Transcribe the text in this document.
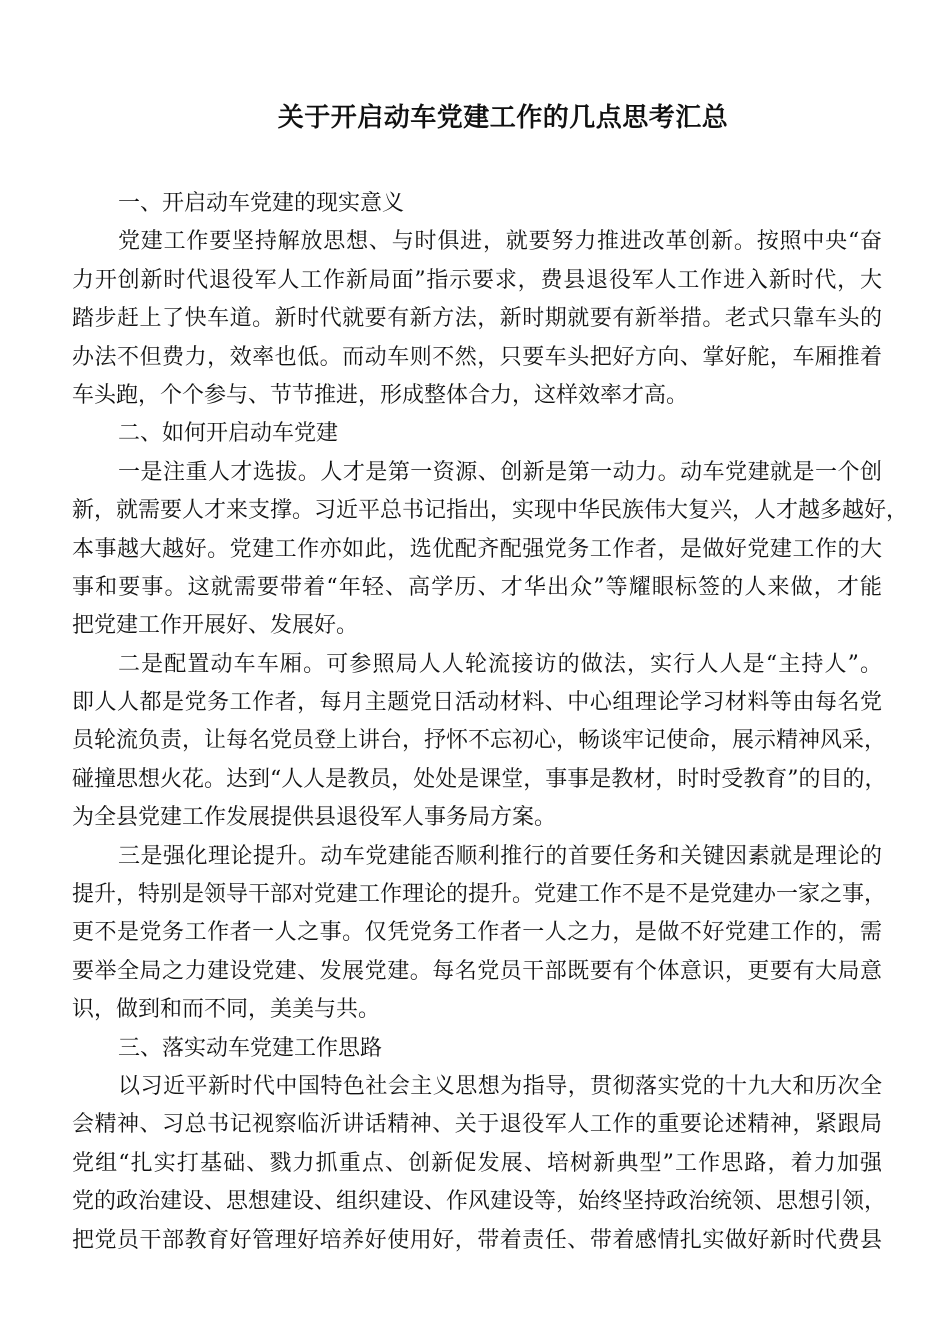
关于开启动车党建工作的几点思考汇总
一、开启动车党建的现实意义
党建工作要坚持解放思想、与时俱进，就要努力推进改革创新。按照中央“奋
力开创新时代退役军人工作新局面”指示要求，费县退役军人工作进入新时代，大
踏步赶上了快车道。新时代就要有新方法，新时期就要有新举措。老式只靠车头的
办法不但费力，效率也低。而动车则不然，只要车头把好方向、掌好舵，车厢推着
车头跑，个个参与、节节推进，形成整体合力，这样效率才高。
二、如何开启动车党建
一是注重人才选拔。人才是第一资源、创新是第一动力。动车党建就是一个创
新，就需要人才来支撑。习近平总书记指出，实现中华民族伟大复兴，人才越多越好，
本事越大越好。党建工作亦如此，选优配齐配强党务工作者，是做好党建工作的大
事和要事。这就需要带着“年轻、高学历、才华出众”等耀眼标签的人来做，才能
把党建工作开展好、发展好。
二是配置动车车厢。可参照局人人轮流接访的做法，实行人人是“主持人”。
即人人都是党务工作者，每月主题党日活动材料、中心组理论学习材料等由每名党
员轮流负责，让每名党员登上讲台，抒怀不忘初心，畅谈牢记使命，展示精神风采，
碰撞思想火花。达到“人人是教员，处处是课堂，事事是教材，时时受教育”的目的，
为全县党建工作发展提供县退役军人事务局方案。
三是强化理论提升。动车党建能否顺利推行的首要任务和关键因素就是理论的
提升，特别是领导干部对党建工作理论的提升。党建工作不是不是党建办一家之事，
更不是党务工作者一人之事。仅凭党务工作者一人之力，是做不好党建工作的，需
要举全局之力建设党建、发展党建。每名党员干部既要有个体意识，更要有大局意
识，做到和而不同，美美与共。
三、落实动车党建工作思路
以习近平新时代中国特色社会主义思想为指导，贯彻落实党的十九大和历次全
会精神、习总书记视察临沂讲话精神、关于退役军人工作的重要论述精神，紧跟局
党组“扎实打基础、戮力抓重点、创新促发展、培树新典型”工作思路，着力加强
党的政治建设、思想建设、组织建设、作风建设等，始终坚持政治统领、思想引领，
把党员干部教育好管理好培养好使用好，带着责任、带着感情扎实做好新时代费县
